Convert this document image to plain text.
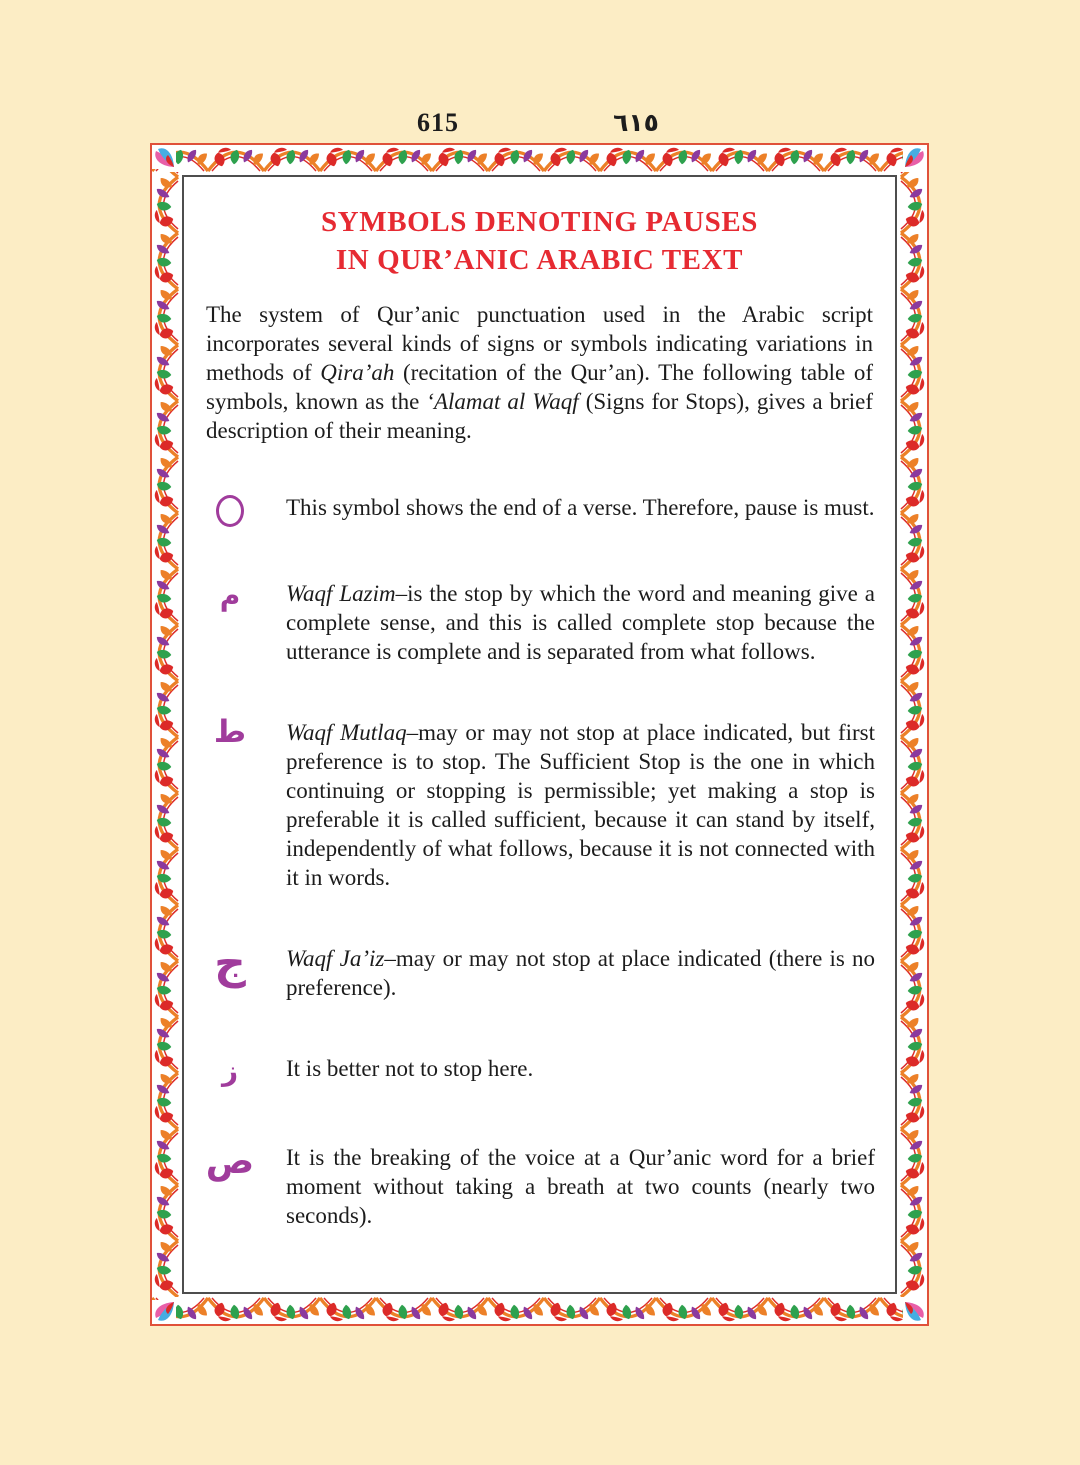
615	٦١٥
SYMBOLS DENOTING PAUSES
IN QUR’ANIC ARABIC TEXT

The system of Qur’anic punctuation used in the Arabic script incorporates several kinds of signs or symbols indicating variations in methods of Qira’ah (recitation of the Qur’an). The following table of symbols, known as the ‘Alamat al Waqf (Signs for Stops), gives a brief description of their meaning.

This symbol shows the end of a verse. Therefore, pause is must.

م	Waqf Lazim–is the stop by which the word and meaning give a complete sense, and this is called complete stop because the utterance is complete and is separated from what follows.

ط	Waqf Mutlaq–may or may not stop at place indicated, but first preference is to stop. The Sufficient Stop is the one in which continuing or stopping is permissible; yet making a stop is preferable it is called sufficient, because it can stand by itself, independently of what follows, because it is not connected with it in words.

ج	Waqf Ja’iz–may or may not stop at place indicated (there is no preference).

ز	It is better not to stop here.

ص It is the breaking of the voice at a Qur’anic word for a brief moment without taking a breath at two counts (nearly two seconds).
